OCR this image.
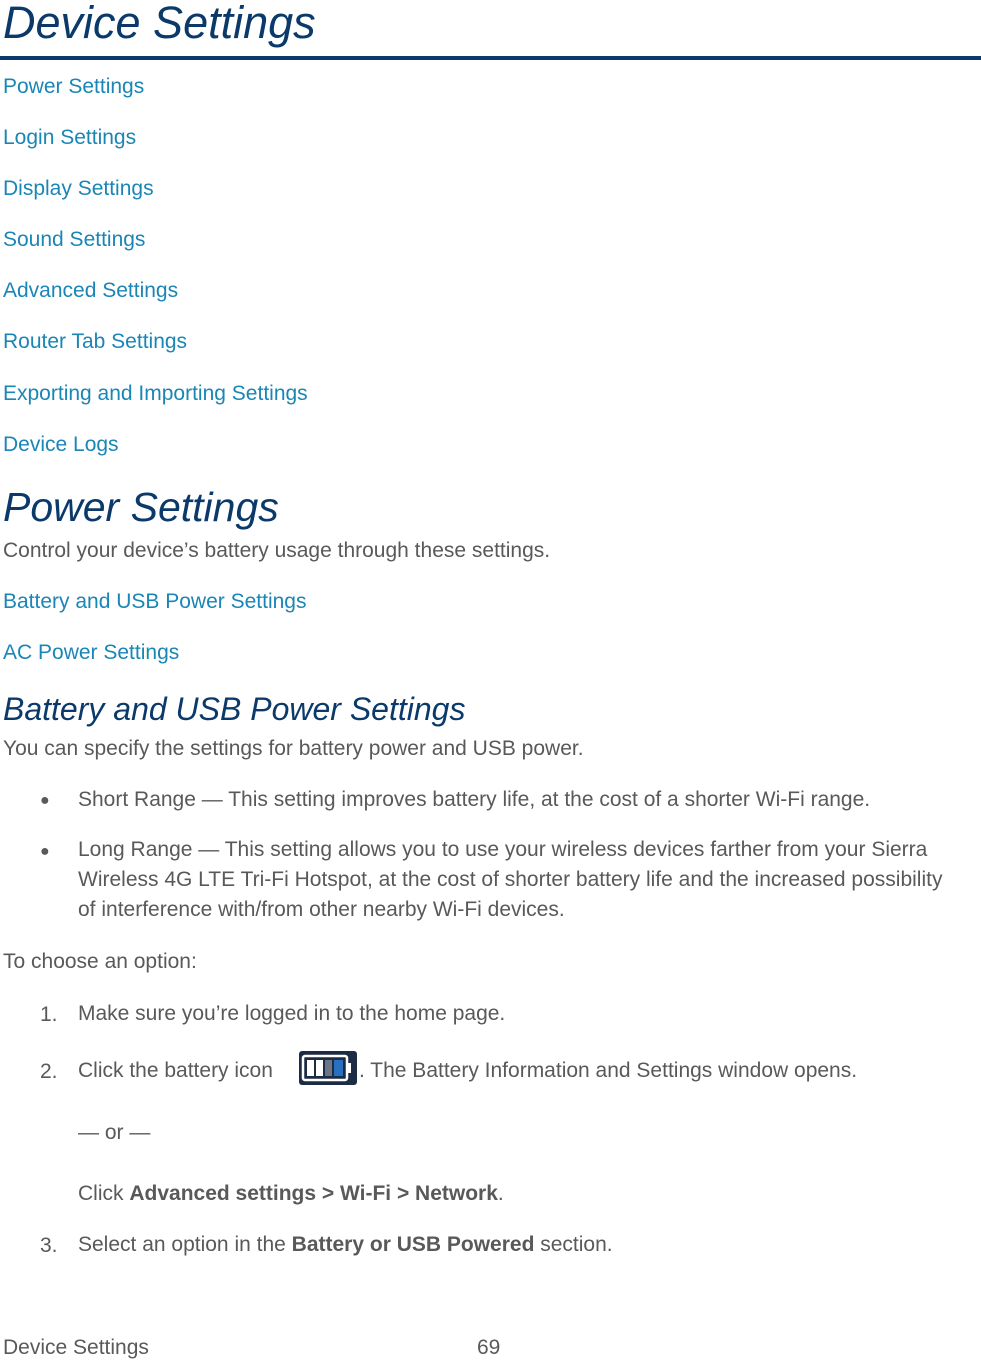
Device Settings
Power Settings
Login Settings
Display Settings
Sound Settings
Advanced Settings
Router Tab Settings
Exporting and Importing Settings
Device Logs
Power Settings
Control your device’s battery usage through these settings.
Battery and USB Power Settings
AC Power Settings
Battery and USB Power Settings
You can specify the settings for battery power and USB power.
● Short Range — This setting improves battery life, at the cost of a shorter Wi-Fi range.
● Long Range — This setting allows you to use your wireless devices farther from your Sierra Wireless 4G LTE Tri-Fi Hotspot, at the cost of shorter battery life and the increased possibility of interference with/from other nearby Wi-Fi devices.
To choose an option:
1. Make sure you’re logged in to the home page.
2. Click the battery icon	. The Battery Information and Settings window opens.
— or —
Click Advanced settings > Wi-Fi > Network.
3. Select an option in the Battery or USB Powered section.
Device Settings	69
